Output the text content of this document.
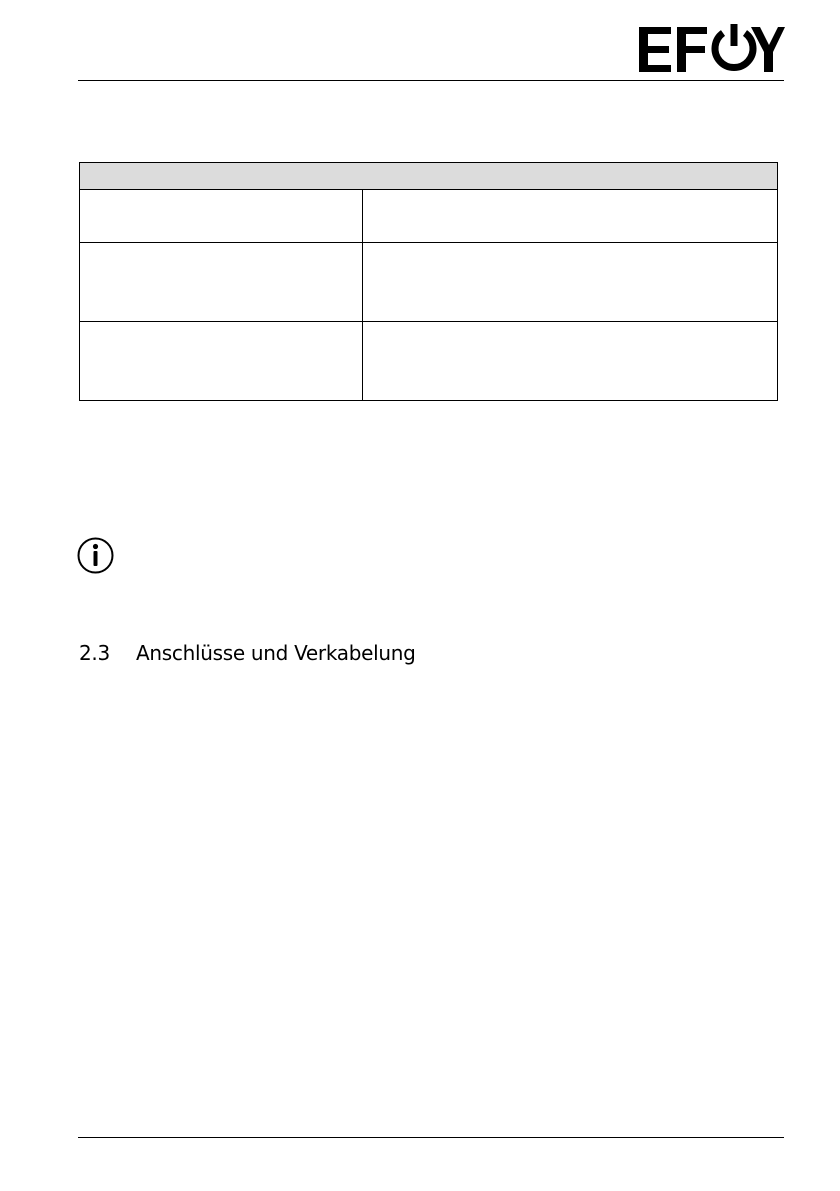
2.3 Anschlüsse und Verkabelung
